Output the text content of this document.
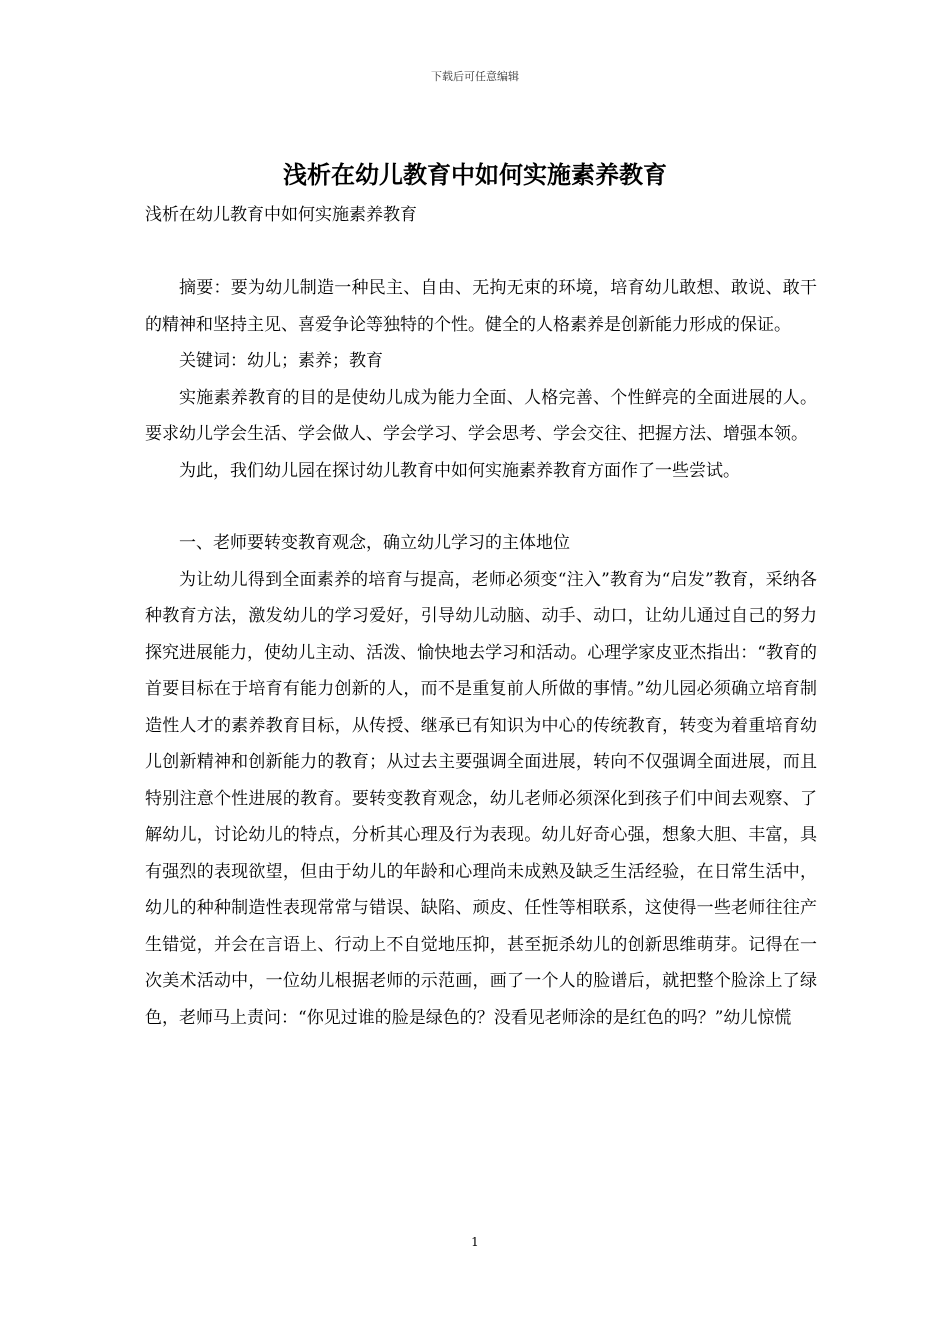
下载后可任意编辑
浅析在幼儿教育中如何实施素养教育
浅析在幼儿教育中如何实施素养教育

摘要：要为幼儿制造一种民主、自由、无拘无束的环境，培育幼儿敢想、敢说、敢干的精神和坚持主见、喜爱争论等独特的个性。健全的人格素养是创新能力形成的保证。

关键词：幼儿；素养；教育

实施素养教育的目的是使幼儿成为能力全面、人格完善、个性鲜亮的全面进展的人。要求幼儿学会生活、学会做人、学会学习、学会思考、学会交往、把握方法、增强本领。

为此，我们幼儿园在探讨幼儿教育中如何实施素养教育方面作了一些尝试。

一、老师要转变教育观念，确立幼儿学习的主体地位

为让幼儿得到全面素养的培育与提高，老师必须变“注入”教育为“启发”教育，采纳各种教育方法，激发幼儿的学习爱好，引导幼儿动脑、动手、动口，让幼儿通过自己的努力探究进展能力，使幼儿主动、活泼、愉快地去学习和活动。心理学家皮亚杰指出：“教育的首要目标在于培育有能力创新的人，而不是重复前人所做的事情。”幼儿园必须确立培育制造性人才的素养教育目标，从传授、继承已有知识为中心的传统教育，转变为着重培育幼儿创新精神和创新能力的教育；从过去主要强调全面进展，转向不仅强调全面进展，而且特别注意个性进展的教育。要转变教育观念，幼儿老师必须深化到孩子们中间去观察、了解幼儿，讨论幼儿的特点，分析其心理及行为表现。幼儿好奇心强，想象大胆、丰富，具有强烈的表现欲望，但由于幼儿的年龄和心理尚未成熟及缺乏生活经验，在日常生活中，幼儿的种种制造性表现常常与错误、缺陷、顽皮、任性等相联系，这使得一些老师往往产生错觉，并会在言语上、行动上不自觉地压抑，甚至扼杀幼儿的创新思维萌芽。记得在一次美术活动中，一位幼儿根据老师的示范画，画了一个人的脸谱后，就把整个脸涂上了绿色，老师马上责问：“你见过谁的脸是绿色的？没看见老师涂的是红色的吗？”幼儿惊慌

1
